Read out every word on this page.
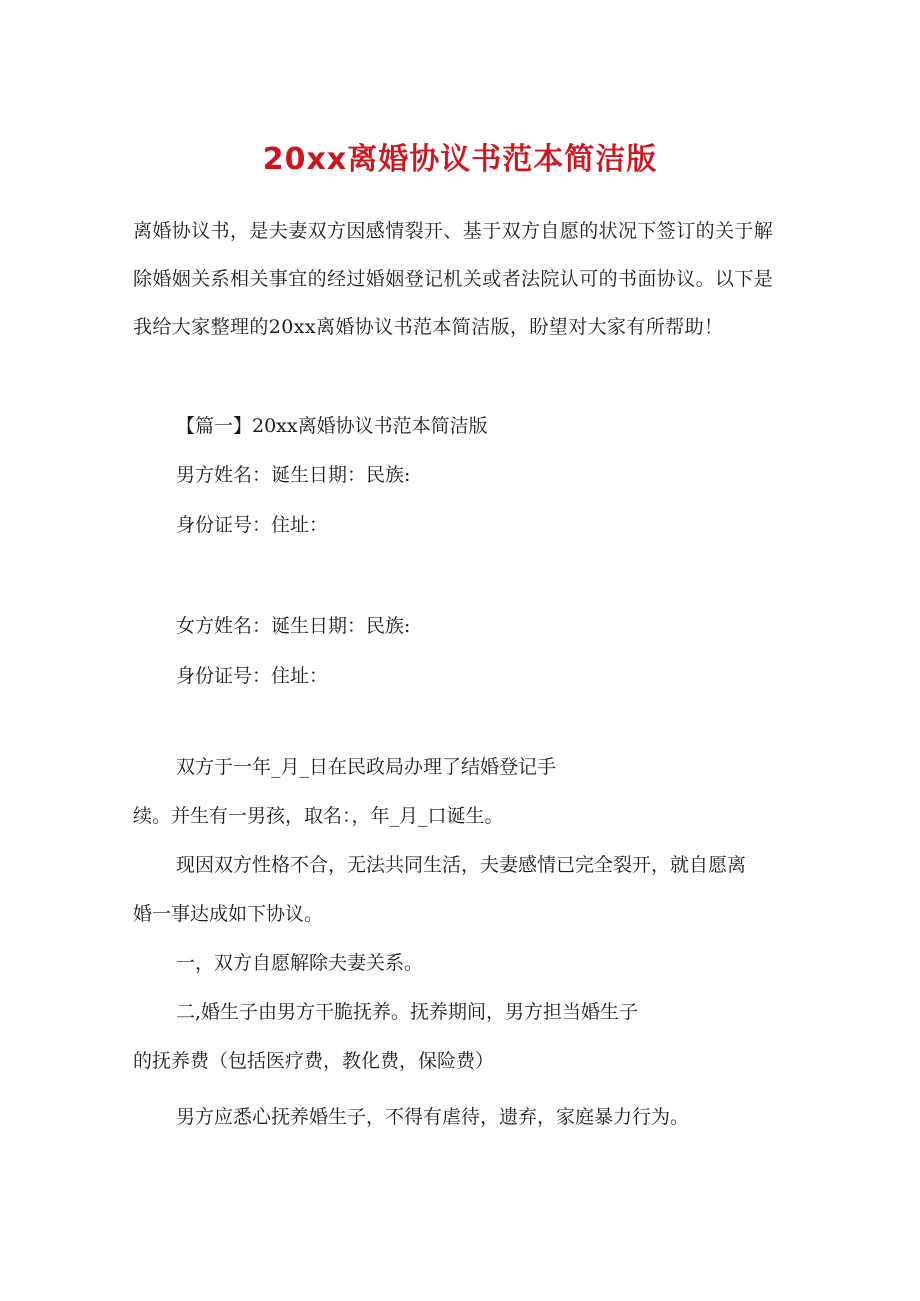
20xx离婚协议书范本简洁版
离婚协议书，是夫妻双方因感情裂开、基于双方自愿的状况下签订的关于解
除婚姻关系相关事宜的经过婚姻登记机关或者法院认可的书面协议。以下是
我给大家整理的20xx离婚协议书范本简洁版，盼望对大家有所帮助！
【篇一】20xx离婚协议书范本简洁版
男方姓名：诞生日期：民族:
身份证号：住址：
女方姓名：诞生日期：民族:
身份证号：住址：
双方于一年_月_日在民政局办理了结婚登记手
续。并生有一男孩，取名：，年_月_口诞生。
现因双方性格不合，无法共同生活，夫妻感情已完全裂开，就自愿离
婚一事达成如下协议。
一，双方自愿解除夫妻关系。
二,婚生子由男方干脆抚养。抚养期间，男方担当婚生子
的抚养费（包括医疗费，教化费，保险费）
男方应悉心抚养婚生子，不得有虐待，遗弃，家庭暴力行为。
